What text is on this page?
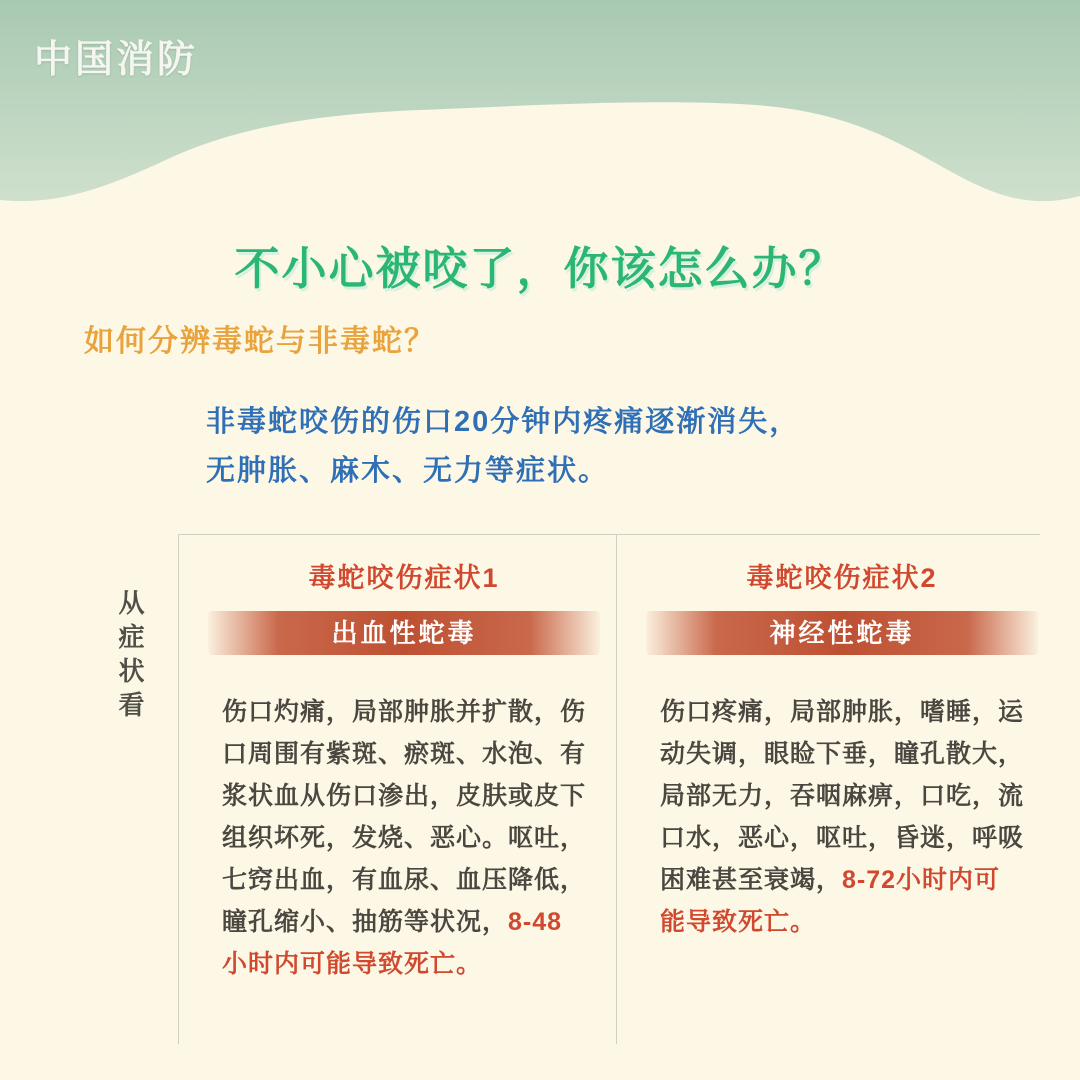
中国消防
不小心被咬了，你该怎么办？
如何分辨毒蛇与非毒蛇？
非毒蛇咬伤的伤口20分钟内疼痛逐渐消失，
无肿胀、麻木、无力等症状。
从症状看
毒蛇咬伤症状1
出血性蛇毒
伤口灼痛，局部肿胀并扩散，伤口周围有紫斑、瘀斑、水泡、有浆状血从伤口渗出，皮肤或皮下组织坏死，发烧、恶心。呕吐，七窍出血，有血尿、血压降低，瞳孔缩小、抽筋等状况，8-48小时内可能导致死亡。
毒蛇咬伤症状2
神经性蛇毒
伤口疼痛，局部肿胀，嗜睡，运动失调，眼睑下垂，瞳孔散大，局部无力，吞咽麻痹，口吃，流口水，恶心，呕吐，昏迷，呼吸困难甚至衰竭，8-72小时内可能导致死亡。
